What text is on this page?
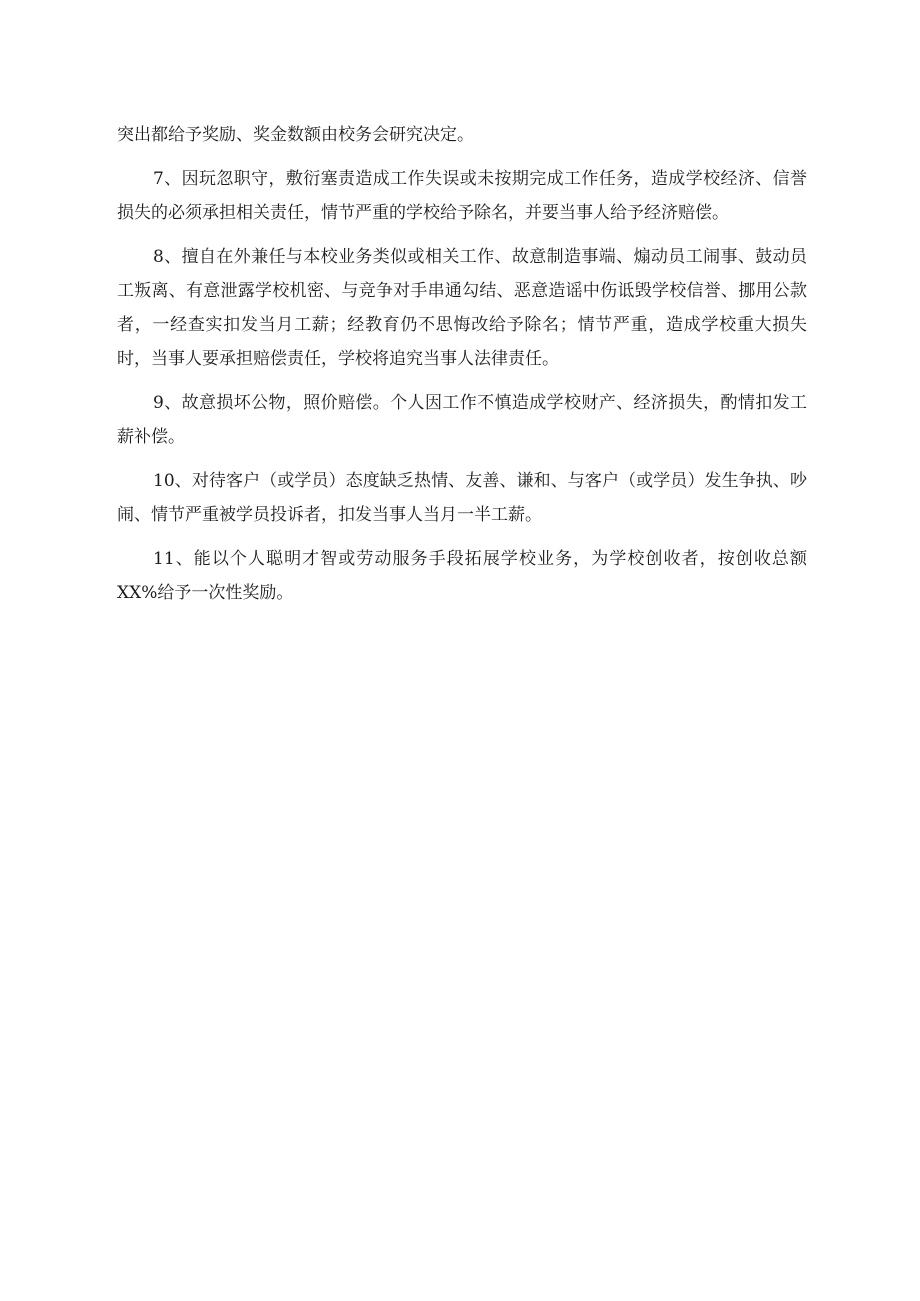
突出都给予奖励、奖金数额由校务会研究决定。

7、因玩忽职守，敷衍塞责造成工作失误或未按期完成工作任务，造成学校经济、信誉损失的必须承担相关责任，情节严重的学校给予除名，并要当事人给予经济赔偿。

8、擅自在外兼任与本校业务类似或相关工作、故意制造事端、煽动员工闹事、鼓动员工叛离、有意泄露学校机密、与竞争对手串通勾结、恶意造谣中伤诋毁学校信誉、挪用公款者，一经查实扣发当月工薪；经教育仍不思悔改给予除名；情节严重，造成学校重大损失时，当事人要承担赔偿责任，学校将追究当事人法律责任。

9、故意损坏公物，照价赔偿。个人因工作不慎造成学校财产、经济损失，酌情扣发工薪补偿。

10、对待客户（或学员）态度缺乏热情、友善、谦和、与客户（或学员）发生争执、吵闹、情节严重被学员投诉者，扣发当事人当月一半工薪。

11、能以个人聪明才智或劳动服务手段拓展学校业务，为学校创收者，按创收总额XX%给予一次性奖励。
